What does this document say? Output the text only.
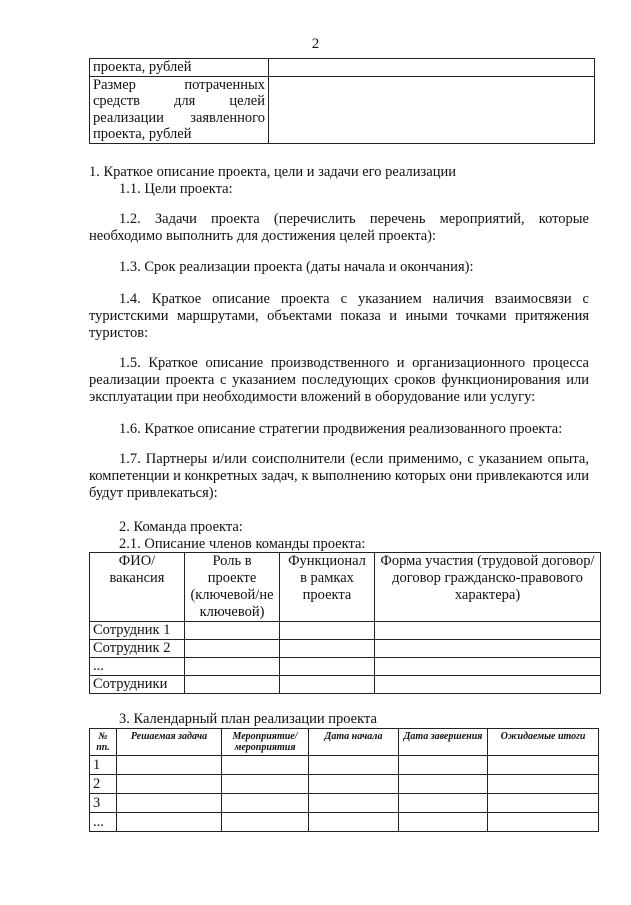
2
проекта, рублей	
Размер потраченных средств для целей реализации заявленного проекта, рублей	
1. Краткое описание проекта, цели и задачи его реализации
1.1. Цели проекта:
1.2. Задачи проекта (перечислить перечень мероприятий, которые необходимо выполнить для достижения целей проекта):
1.3. Срок реализации проекта (даты начала и окончания):
1.4. Краткое описание проекта с указанием наличия взаимосвязи с туристскими маршрутами, объектами показа и иными точками притяжения туристов:
1.5. Краткое описание производственного и организационного процесса реализации проекта с указанием последующих сроков функционирования или эксплуатации при необходимости вложений в оборудование или услугу:
1.6. Краткое описание стратегии продвижения реализованного проекта:
1.7. Партнеры и/или соисполнители (если применимо, с указанием опыта, компетенции и конкретных задач, к выполнению которых они привлекаются или будут привлекаться):
2. Команда проекта:
2.1. Описание членов команды проекта:
ФИО/вакансия	Роль в проекте (ключевой/не ключевой)	Функционал в рамках проекта	Форма участия (трудовой договор/договор гражданско-правового характера)
Сотрудник 1			
Сотрудник 2			
...			
Сотрудники			
3. Календарный план реализации проекта
№ пп.	Решаемая задача	Мероприятие/ мероприятия	Дата начала	Дата завершения	Ожидаемые итоги
1					
2					
3					
...					
